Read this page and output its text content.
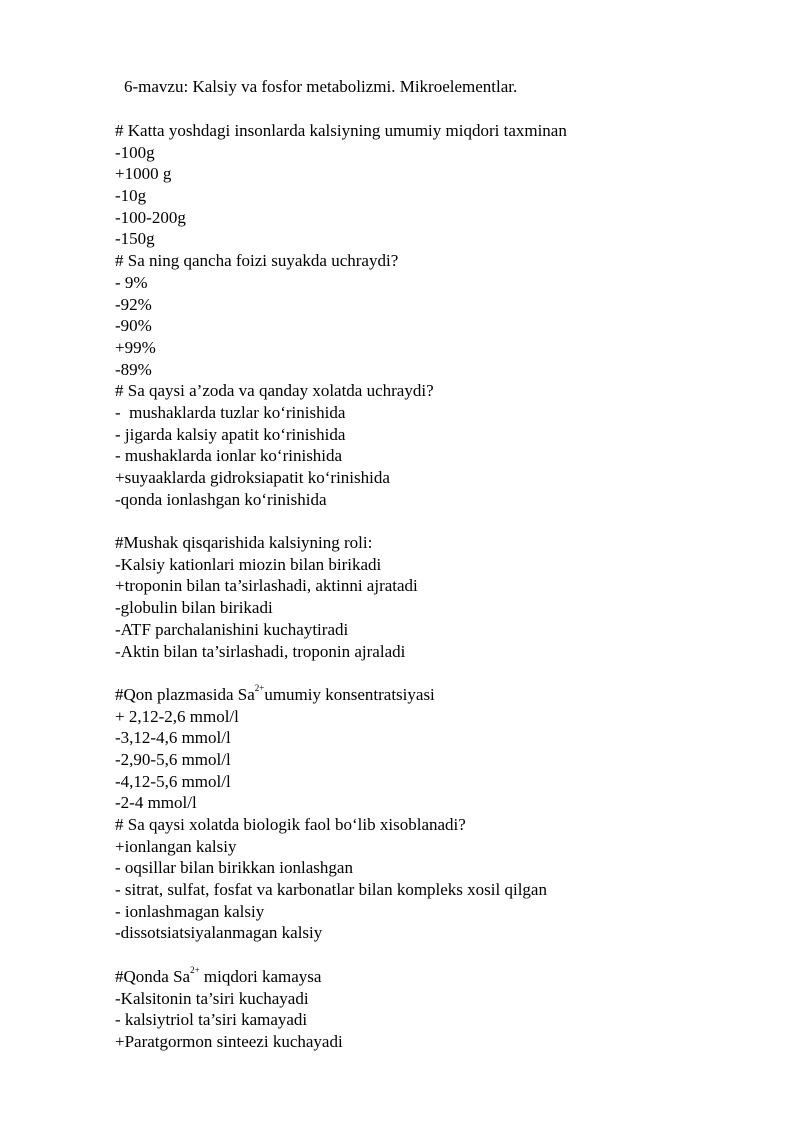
6-mavzu: Kalsiy va fosfor metabolizmi. Mikroelementlar.
# Katta yoshdagi insonlarda kalsiyning umumiy miqdori taxminan
-100g
+1000 g
-10g
-100-200g
-150g
# Sa ning qancha foizi suyakda uchraydi?
- 9%
-92%
-90%
+99%
-89%
# Sa qaysi a’zoda va qanday xolatda uchraydi?
-  mushaklarda tuzlar ko‘rinishida
- jigarda kalsiy apatit ko‘rinishida
- mushaklarda ionlar ko‘rinishida
+suyaaklarda gidroksiapatit ko‘rinishida
-qonda ionlashgan ko‘rinishida
#Mushak qisqarishida kalsiyning roli:
-Kalsiy kationlari miozin bilan birikadi
+troponin bilan ta’sirlashadi, aktinni ajratadi
-globulin bilan birikadi
-ATF parchalanishini kuchaytiradi
-Aktin bilan ta’sirlashadi, troponin ajraladi
#Qon plazmasida $Sa^{2+}umumiy$ konsentratsiyasi
+ 2,12-2,6 mmol/l
-3,12-4,6 mmol/l
-2,90-5,6 mmol/l
-4,12-5,6 mmol/l
-2-4 mmol/l
# Sa qaysi xolatda biologik faol bo‘lib xisoblanadi?
+ionlangan kalsiy
- oqsillar bilan birikkan ionlashgan
- sitrat, sulfat, fosfat va karbonatlar bilan kompleks xosil qilgan
- ionlashmagan kalsiy
-dissotsiatsiyalanmagan kalsiy
#Qonda $Sa^{2+}$ miqdori kamaysa
-Kalsitonin ta’siri kuchayadi
- kalsiytriol ta’siri kamayadi
+Paratgormon sinteezi kuchayadi
